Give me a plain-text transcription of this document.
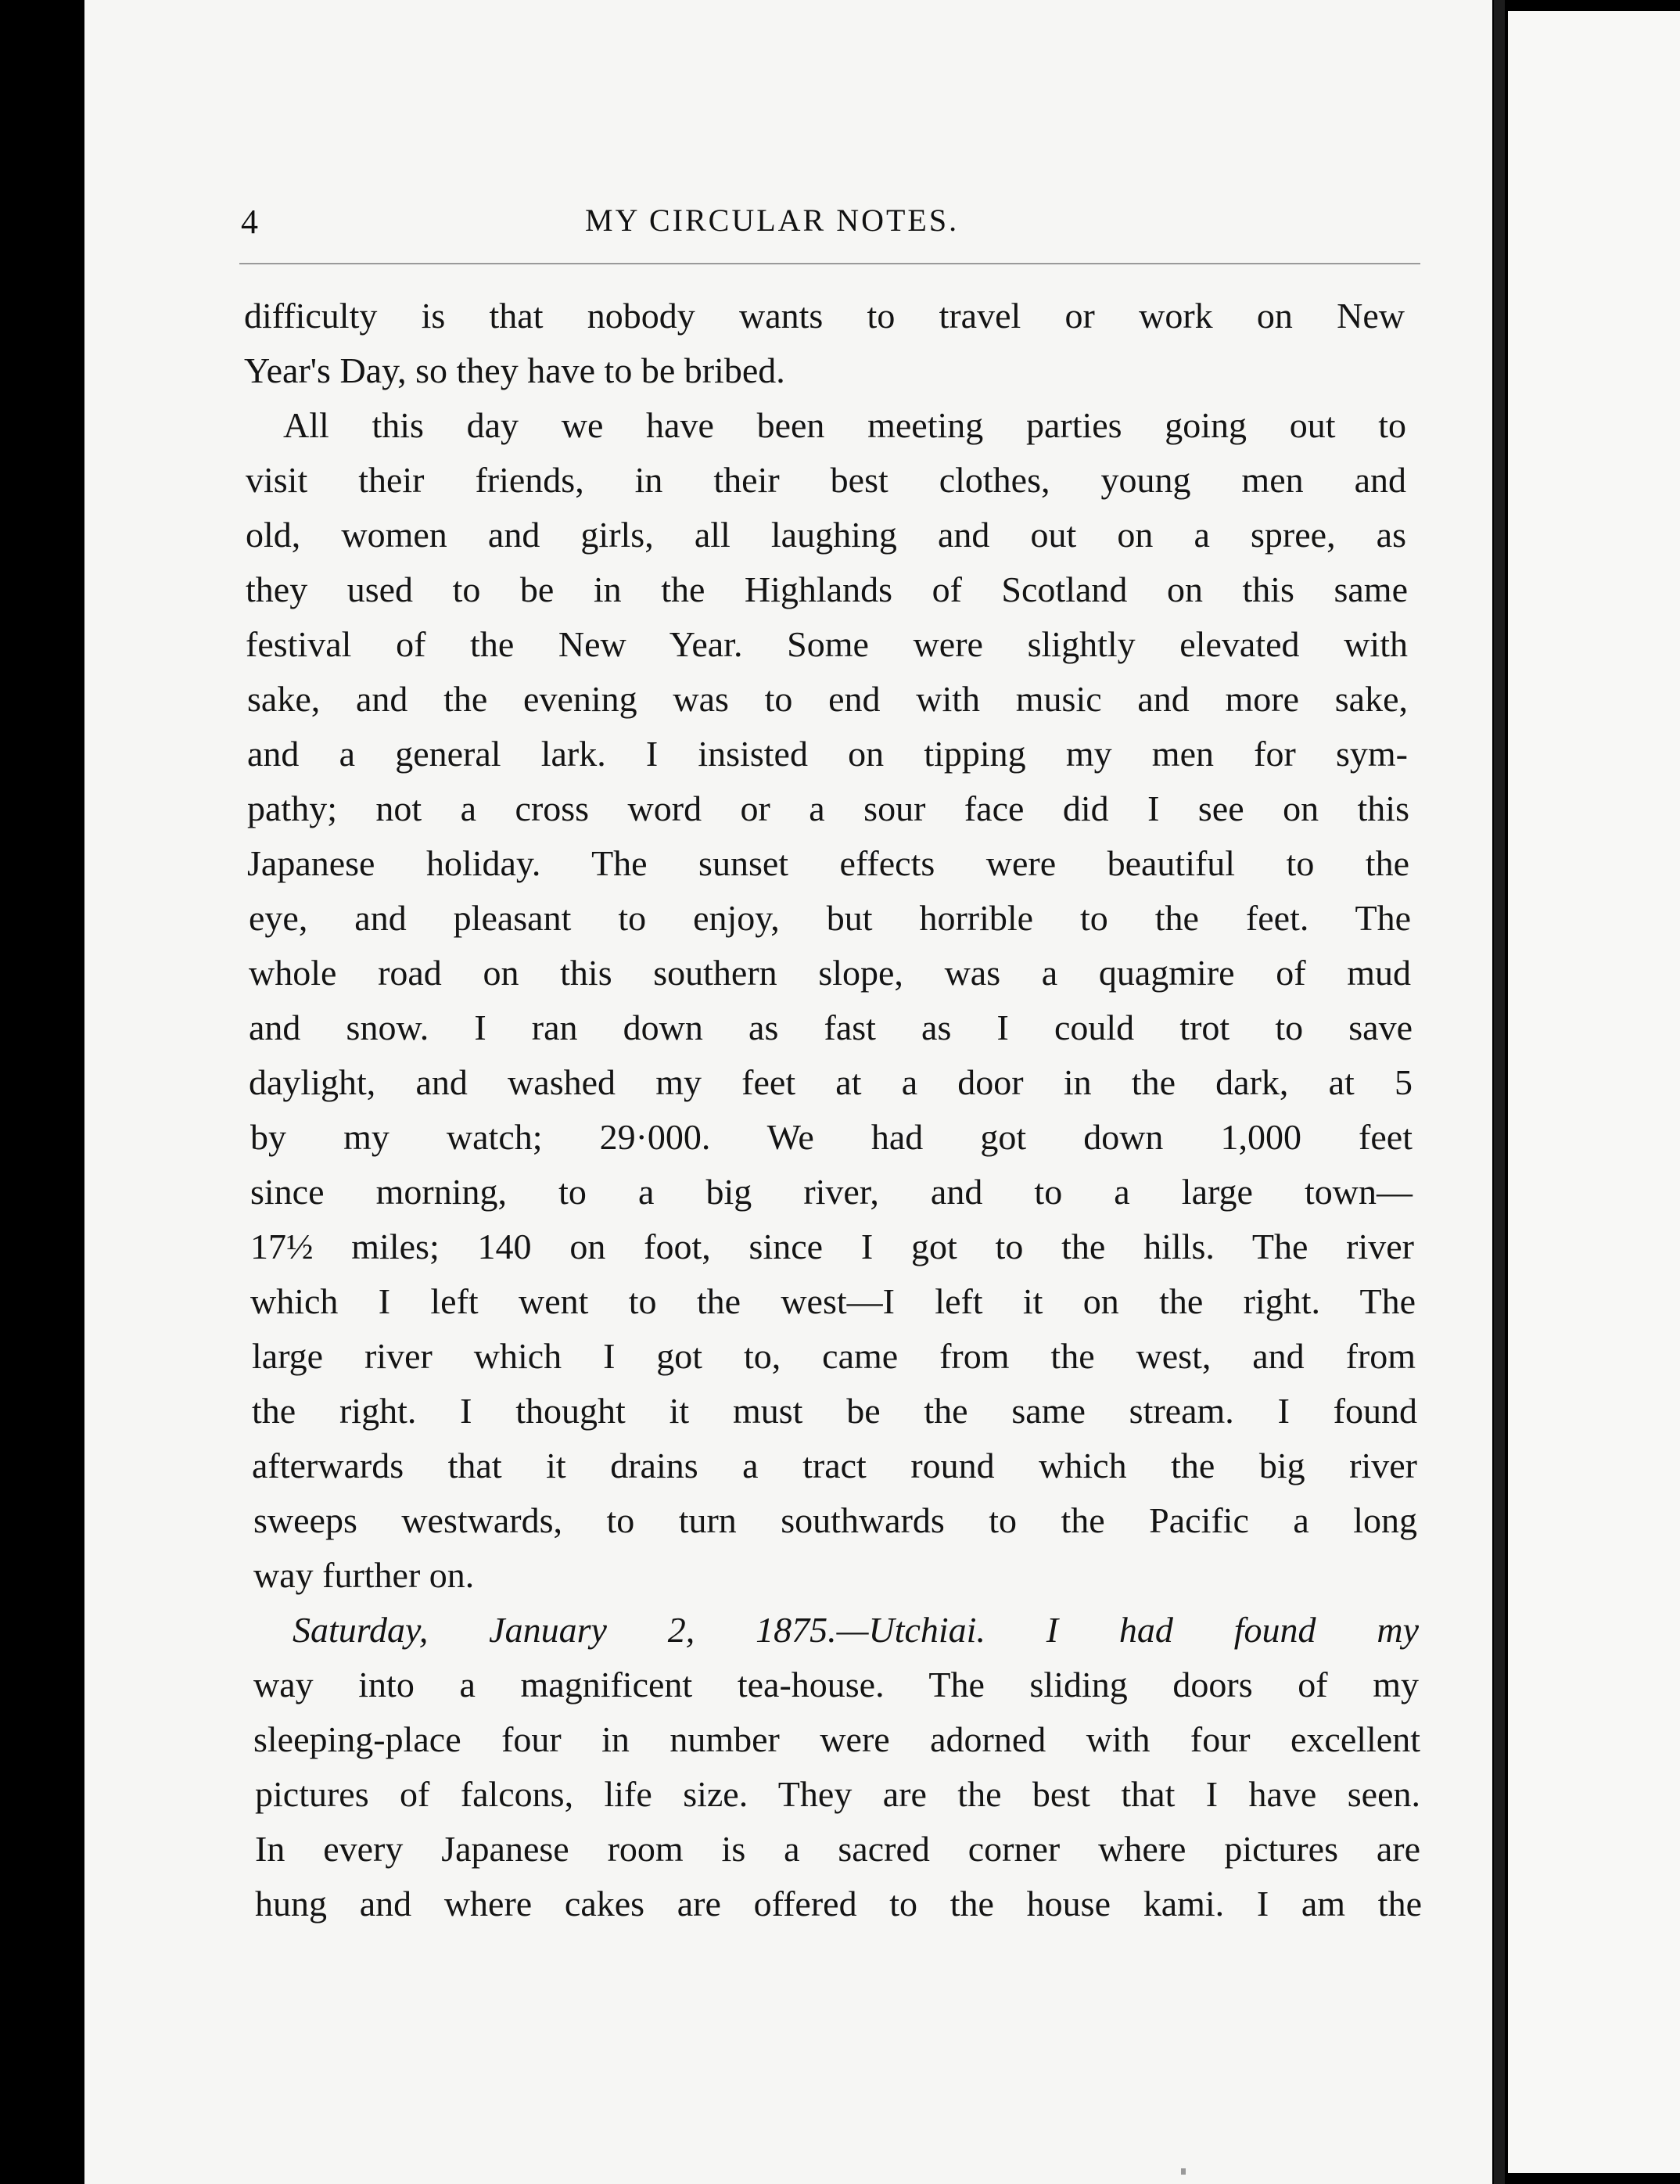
4	MY CIRCULAR NOTES.
difficulty is that nobody wants to travel or work on New
Year's Day, so they have to be bribed.
All this day we have been meeting parties going out to
visit their friends, in their best clothes, young men and
old, women and girls, all laughing and out on a spree, as
they used to be in the Highlands of Scotland on this same
festival of the New Year. Some were slightly elevated with
sake, and the evening was to end with music and more sake,
and a general lark. I insisted on tipping my men for sym-
pathy; not a cross word or a sour face did I see on this
Japanese holiday. The sunset effects were beautiful to the
eye, and pleasant to enjoy, but horrible to the feet. The
whole road on this southern slope, was a quagmire of mud
and snow. I ran down as fast as I could trot to save
daylight, and washed my feet at a door in the dark, at 5
by my watch; 29·000. We had got down 1,000 feet
since morning, to a big river, and to a large town—
17½ miles; 140 on foot, since I got to the hills. The river
which I left went to the west—I left it on the right. The
large river which I got to, came from the west, and from
the right. I thought it must be the same stream. I found
afterwards that it drains a tract round which the big river
sweeps westwards, to turn southwards to the Pacific a long
way further on.
Saturday, January 2, 1875.—Utchiai. I had found my
way into a magnificent tea-house. The sliding doors of my
sleeping-place four in number were adorned with four excellent
pictures of falcons, life size. They are the best that I have seen.
In every Japanese room is a sacred corner where pictures are
hung and where cakes are offered to the house kami. I am the
